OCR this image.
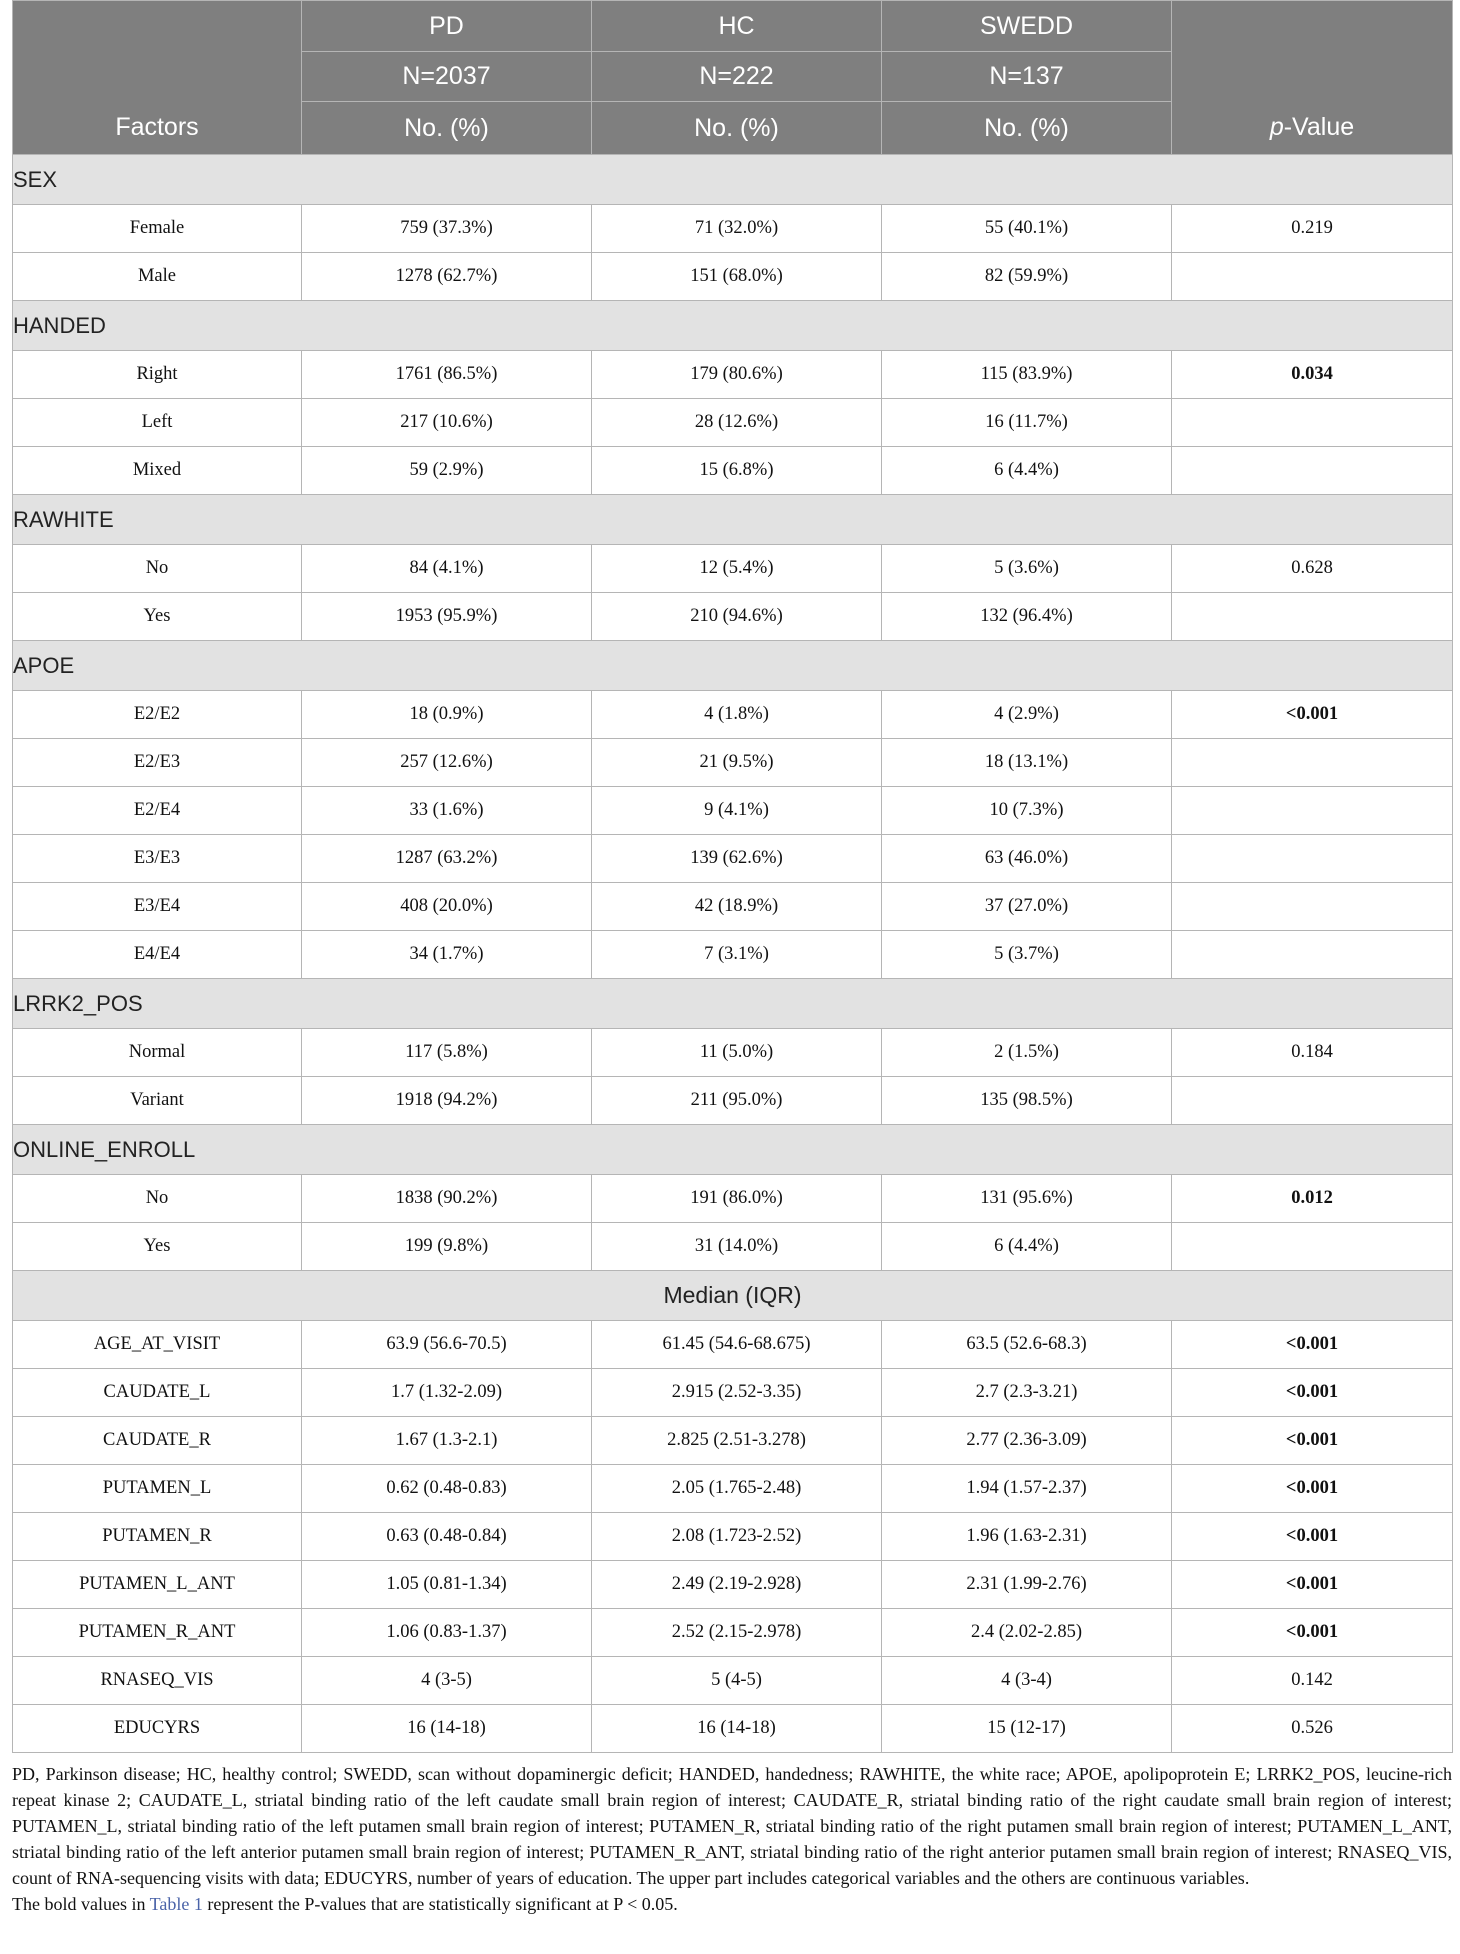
	PD	HC	SWEDD	
	N=2037	N=222	N=137	
Factors	No. (%)	No. (%)	No. (%)	p-Value
SEX				
Female	759 (37.3%)	71 (32.0%)	55 (40.1%)	0.219
Male	1278 (62.7%)	151 (68.0%)	82 (59.9%)	
HANDED				
Right	1761 (86.5%)	179 (80.6%)	115 (83.9%)	0.034
Left	217 (10.6%)	28 (12.6%)	16 (11.7%)	
Mixed	59 (2.9%)	15 (6.8%)	6 (4.4%)	
RAWHITE				
No	84 (4.1%)	12 (5.4%)	5 (3.6%)	0.628
Yes	1953 (95.9%)	210 (94.6%)	132 (96.4%)	
APOE				
E2/E2	18 (0.9%)	4 (1.8%)	4 (2.9%)	<0.001
E2/E3	257 (12.6%)	21 (9.5%)	18 (13.1%)	
E2/E4	33 (1.6%)	9 (4.1%)	10 (7.3%)	
E3/E3	1287 (63.2%)	139 (62.6%)	63 (46.0%)	
E3/E4	408 (20.0%)	42 (18.9%)	37 (27.0%)	
E4/E4	34 (1.7%)	7 (3.1%)	5 (3.7%)	
LRRK2_POS				
Normal	117 (5.8%)	11 (5.0%)	2 (1.5%)	0.184
Variant	1918 (94.2%)	211 (95.0%)	135 (98.5%)	
ONLINE_ENROLL				
No	1838 (90.2%)	191 (86.0%)	131 (95.6%)	0.012
Yes	199 (9.8%)	31 (14.0%)	6 (4.4%)	
Median (IQR)				
AGE_AT_VISIT	63.9 (56.6-70.5)	61.45 (54.6-68.675)	63.5 (52.6-68.3)	<0.001
CAUDATE_L	1.7 (1.32-2.09)	2.915 (2.52-3.35)	2.7 (2.3-3.21)	<0.001
CAUDATE_R	1.67 (1.3-2.1)	2.825 (2.51-3.278)	2.77 (2.36-3.09)	<0.001
PUTAMEN_L	0.62 (0.48-0.83)	2.05 (1.765-2.48)	1.94 (1.57-2.37)	<0.001
PUTAMEN_R	0.63 (0.48-0.84)	2.08 (1.723-2.52)	1.96 (1.63-2.31)	<0.001
PUTAMEN_L_ANT	1.05 (0.81-1.34)	2.49 (2.19-2.928)	2.31 (1.99-2.76)	<0.001
PUTAMEN_R_ANT	1.06 (0.83-1.37)	2.52 (2.15-2.978)	2.4 (2.02-2.85)	<0.001
RNASEQ_VIS	4 (3-5)	5 (4-5)	4 (3-4)	0.142
EDUCYRS	16 (14-18)	16 (14-18)	15 (12-17)	0.526

PD, Parkinson disease; HC, healthy control; SWEDD, scan without dopaminergic deficit; HANDED, handedness; RAWHITE, the white race; APOE, apolipoprotein E; LRRK2_POS, leucine-rich repeat kinase 2; CAUDATE_L, striatal binding ratio of the left caudate small brain region of interest; CAUDATE_R, striatal binding ratio of the right caudate small brain region of interest; PUTAMEN_L, striatal binding ratio of the left putamen small brain region of interest; PUTAMEN_R, striatal binding ratio of the right putamen small brain region of interest; PUTAMEN_L_ANT, striatal binding ratio of the left anterior putamen small brain region of interest; PUTAMEN_R_ANT, striatal binding ratio of the right anterior putamen small brain region of interest; RNASEQ_VIS, count of RNA-sequencing visits with data; EDUCYRS, number of years of education. The upper part includes categorical variables and the others are continuous variables.

The bold values in Table 1 represent the P-values that are statistically significant at P < 0.05.
